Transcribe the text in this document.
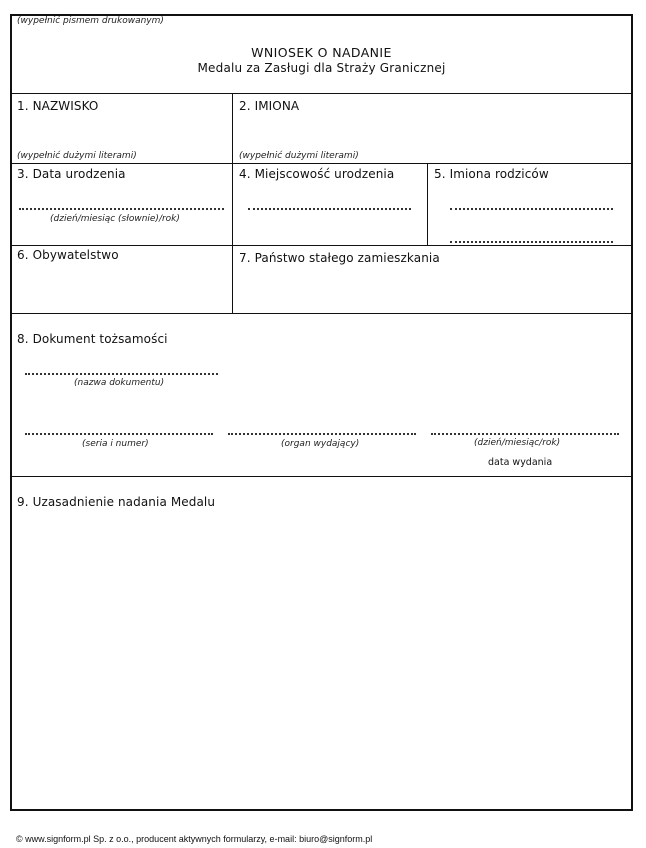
(wypełnić pismem drukowanym)
WNIOSEK O NADANIE
Medalu za Zasługi dla Straży Granicznej
1. NAZWISKO
(wypełnić dużymi literami)
2. IMIONA
(wypełnić dużymi literami)
3. Data urodzenia
(dzień/miesiąc (słownie)/rok)
4. Miejscowość urodzenia	5. Imiona rodziców
6. Obywatelstwo	7. Państwo stałego zamieszkania
8. Dokument tożsamości
(nazwa dokumentu)
(seria i numer)	(organ wydający)	(dzień/miesiąc/rok)
data wydania
9. Uzasadnienie nadania Medalu
© www.signform.pl Sp. z o.o., producent aktywnych formularzy, e-mail: biuro@signform.pl
